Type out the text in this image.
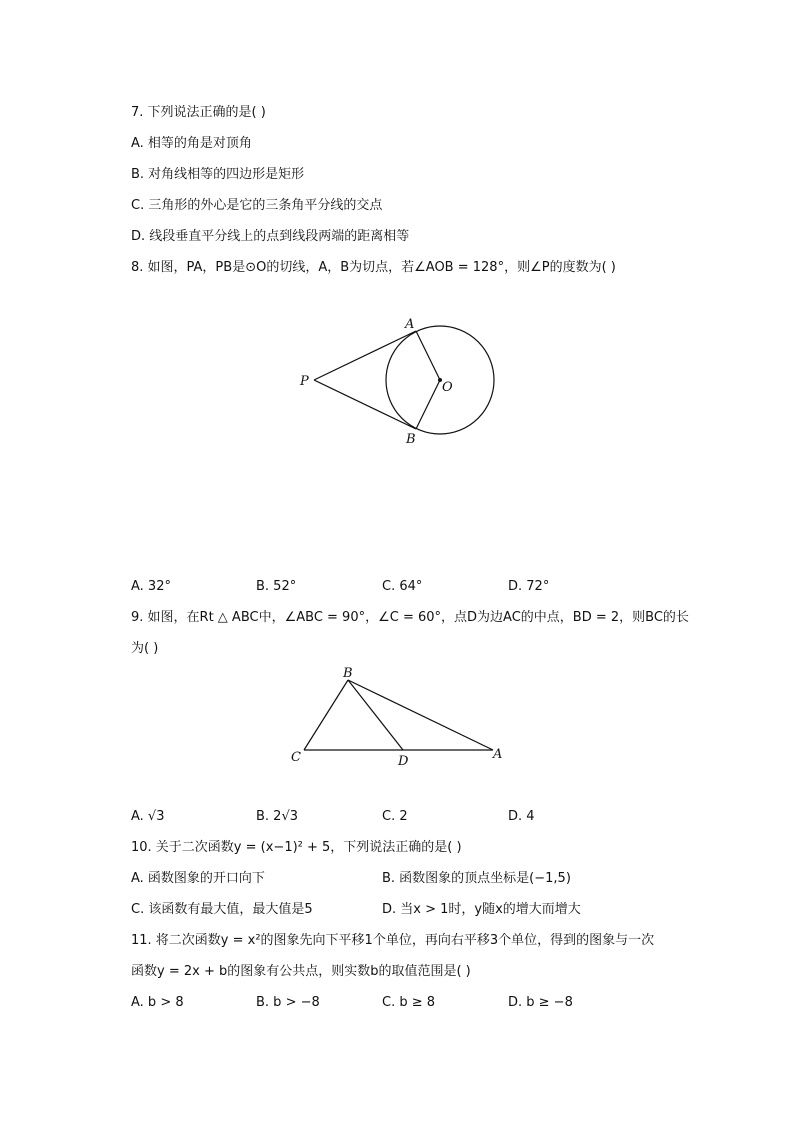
7. 下列说法正确的是( )
A. 相等的角是对顶角
B. 对角线相等的四边形是矩形
C. 三角形的外心是它的三条角平分线的交点
D. 线段垂直平分线上的点到线段两端的距离相等
8. 如图，PA，PB是⊙O的切线，A，B为切点，若∠AOB = 128°，则∠P的度数为( )
A
B
P	O
A. 32°	B. 52°	C. 64°	D. 72°
9. 如图，在Rt △ ABC中，∠ABC = 90°，∠C = 60°，点D为边AC的中点，BD = 2，则BC的长
为( )
B
C	D	A
A. √3	B. 2√3	C. 2	D. 4
10. 关于二次函数y = (x−1)² + 5，下列说法正确的是( )
A. 函数图象的开口向下	B. 函数图象的顶点坐标是(−1,5)
C. 该函数有最大值，最大值是5	D. 当x > 1时，y随x的增大而增大
11. 将二次函数y = x²的图象先向下平移1个单位，再向右平移3个单位，得到的图象与一次
函数y = 2x + b的图象有公共点，则实数b的取值范围是( )
A. b > 8	B. b > −8	C. b ≥ 8	D. b ≥ −8
